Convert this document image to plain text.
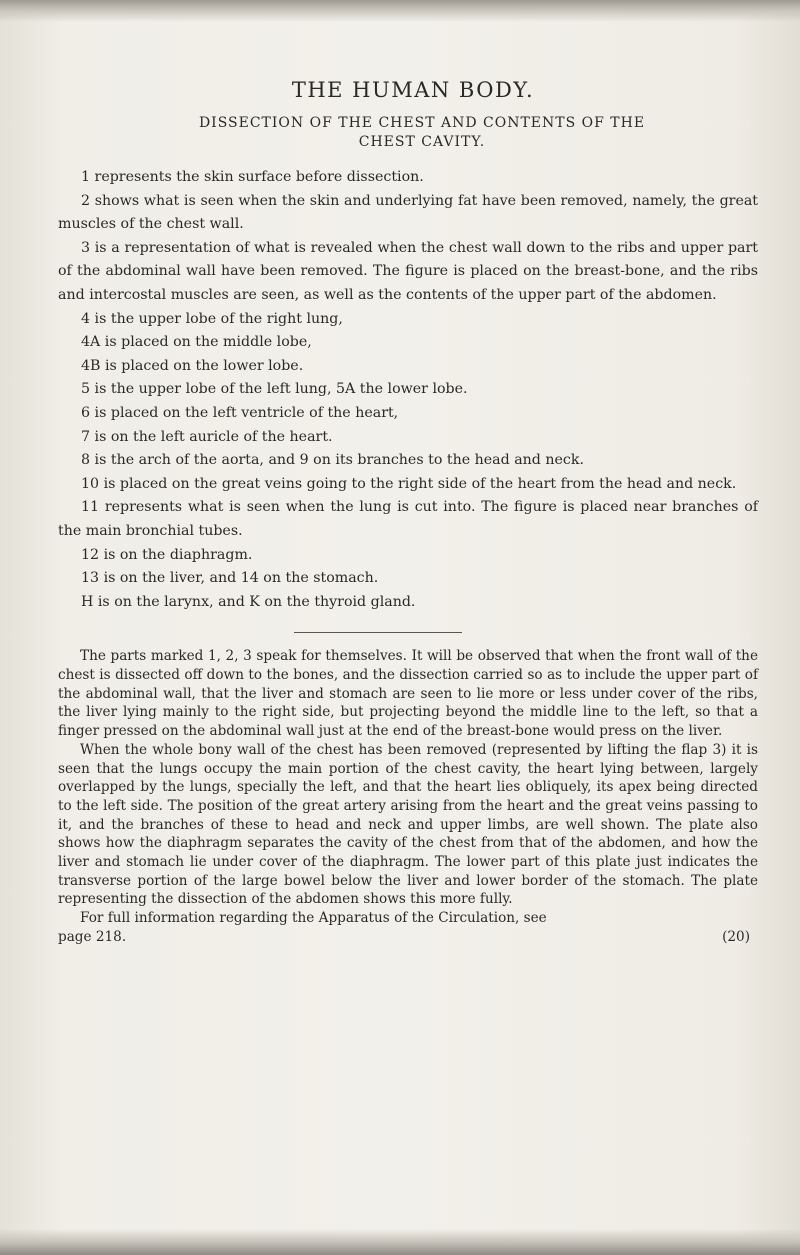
THE HUMAN BODY.
DISSECTION OF THE CHEST AND CONTENTS OF THE
CHEST CAVITY.

1 represents the skin surface before dissection.

2 shows what is seen when the skin and underlying fat have been removed, namely, the great muscles of the chest wall.

3 is a representation of what is revealed when the chest wall down to the ribs and upper part of the abdominal wall have been removed. The figure is placed on the breast-bone, and the ribs and intercostal muscles are seen, as well as the contents of the upper part of the abdomen.

4 is the upper lobe of the right lung,

4A is placed on the middle lobe,

4B is placed on the lower lobe.

5 is the upper lobe of the left lung, 5A the lower lobe.

6 is placed on the left ventricle of the heart,

7 is on the left auricle of the heart.

8 is the arch of the aorta, and 9 on its branches to the head and neck.

10 is placed on the great veins going to the right side of the heart from the head and neck.

11 represents what is seen when the lung is cut into. The figure is placed near branches of the main bronchial tubes.

12 is on the diaphragm.

13 is on the liver, and 14 on the stomach.

H is on the larynx, and K on the thyroid gland.

The parts marked 1, 2, 3 speak for themselves. It will be observed that when the front wall of the chest is dissected off down to the bones, and the dissection carried so as to include the upper part of the abdominal wall, that the liver and stomach are seen to lie more or less under cover of the ribs, the liver lying mainly to the right side, but projecting beyond the middle line to the left, so that a finger pressed on the abdominal wall just at the end of the breast-bone would press on the liver.

When the whole bony wall of the chest has been removed (represented by lifting the flap 3) it is seen that the lungs occupy the main portion of the chest cavity, the heart lying between, largely overlapped by the lungs, specially the left, and that the heart lies obliquely, its apex being directed to the left side. The position of the great artery arising from the heart and the great veins passing to it, and the branches of these to head and neck and upper limbs, are well shown. The plate also shows how the diaphragm separates the cavity of the chest from that of the abdomen, and how the liver and stomach lie under cover of the diaphragm. The lower part of this plate just indicates the transverse portion of the large bowel below the liver and lower border of the stomach. The plate representing the dissection of the abdomen shows this more fully.

For full information regarding the Apparatus of the Circulation, see

page 218.	(20)
